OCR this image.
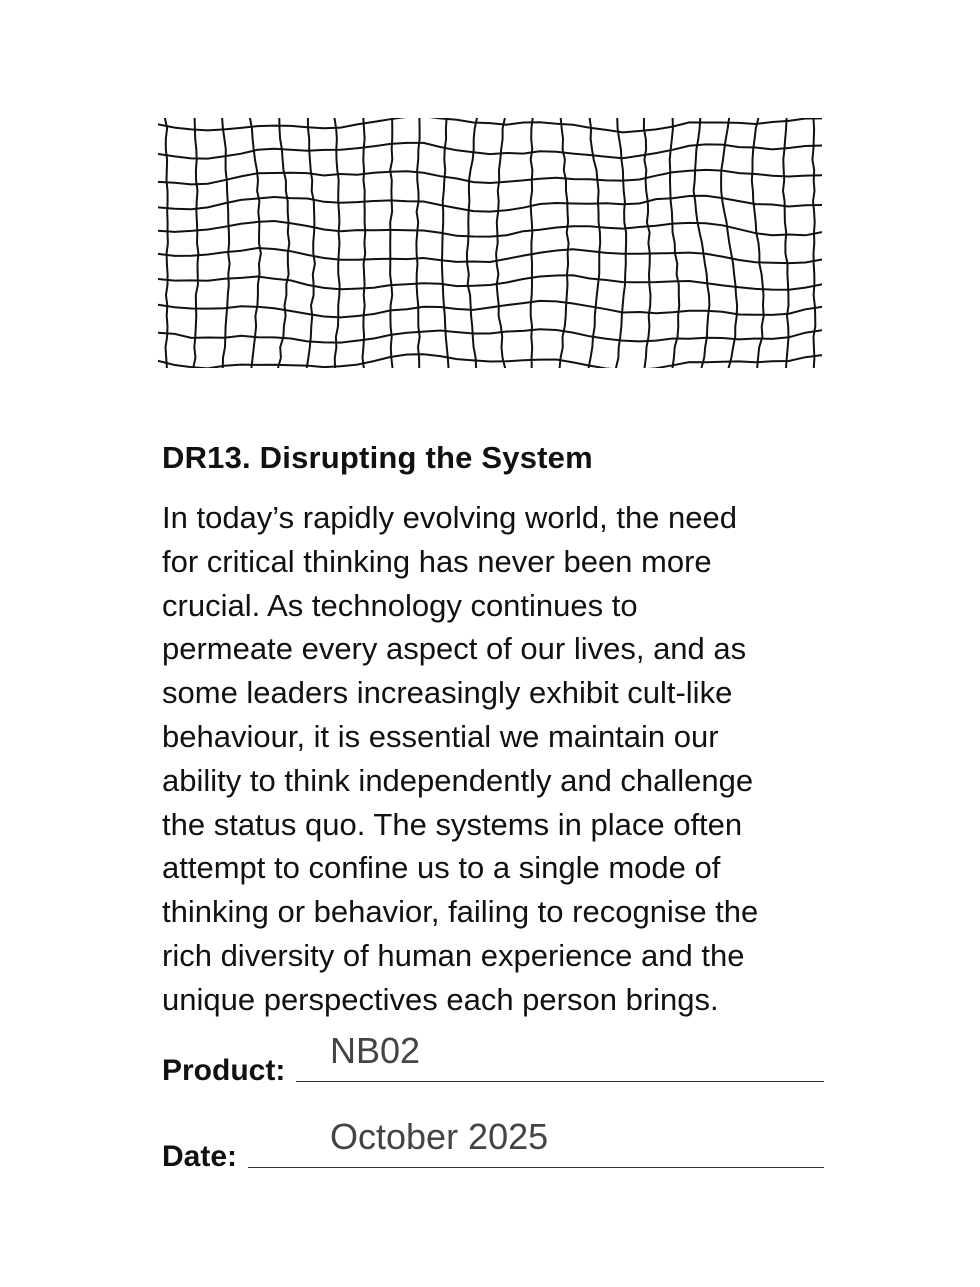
DR13. Disrupting the System

In today’s rapidly evolving world, the need
for critical thinking has never been more
crucial. As technology continues to
permeate every aspect of our lives, and as
some leaders increasingly exhibit cult-like
behaviour, it is essential we maintain our
ability to think independently and challenge
the status quo. The systems in place often
attempt to confine us to a single mode of
thinking or behavior, failing to recognise the
rich diversity of human experience and the
unique perspectives each person brings.

Product: NB02
Date:	October 2025
